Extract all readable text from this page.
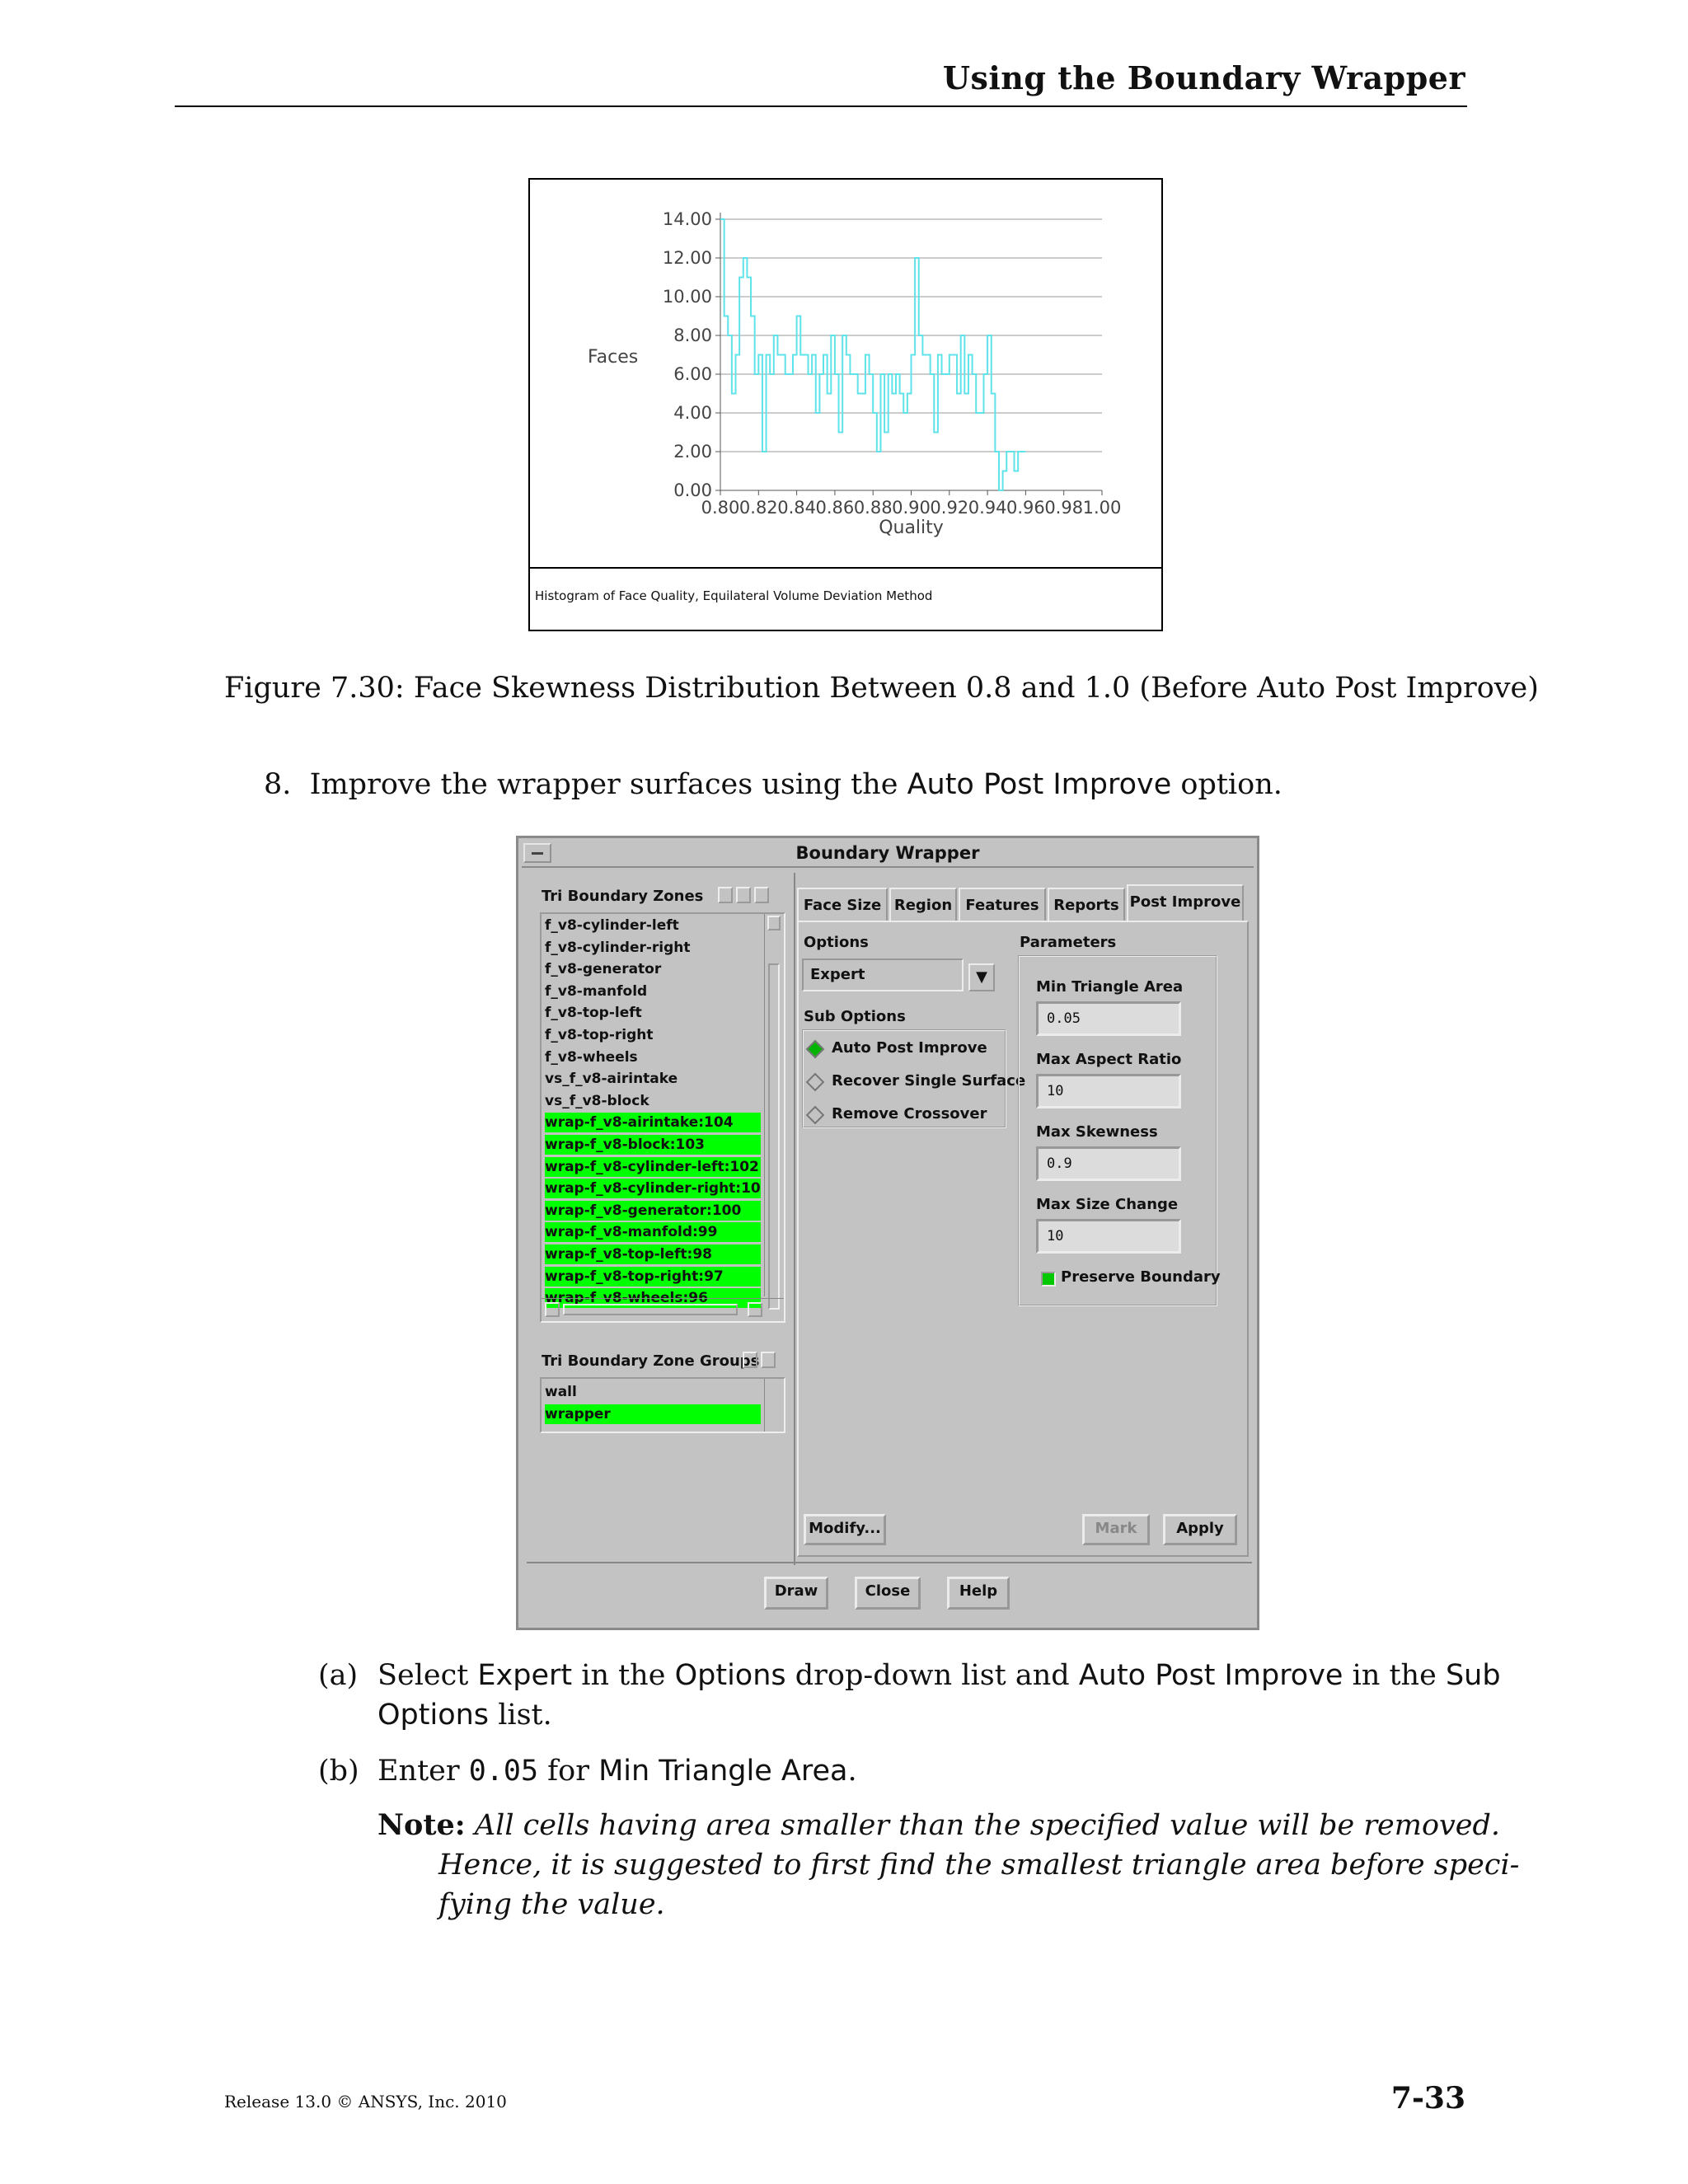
Using the Boundary Wrapper
0.00
2.00
4.00
6.00
8.00
10.00
12.00
14.00
0.80 0.82 0.84 0.86 0.88 0.90 0.92 0.94 0.96 0.98 1.00
Faces
Quality
Histogram of Face Quality, Equilateral Volume Deviation Method
Figure 7.30: Face Skewness Distribution Between 0.8 and 1.0 (Before Auto Post Improve)
8. Improve the wrapper surfaces using the Auto Post Improve option.
Boundary Wrapper
Tri Boundary Zones
f_v8-cylinder-left
f_v8-cylinder-right
f_v8-generator
f_v8-manfold
f_v8-top-left
f_v8-top-right
f_v8-wheels
vs_f_v8-airintake
vs_f_v8-block
wrap-f_v8-airintake:104
wrap-f_v8-block:103
wrap-f_v8-cylinder-left:102
wrap-f_v8-cylinder-right:10
wrap-f_v8-generator:100
wrap-f_v8-manfold:99
wrap-f_v8-top-left:98
wrap-f_v8-top-right:97
wrap-f_v8-wheels:96
Tri Boundary Zone Groups
wall
wrapper
Face Size Region Features Reports Post Improve
Options
Expert	▼
Sub Options
Auto Post Improve
Recover Single Surface
Remove Crossover
Parameters
Min Triangle Area
0.05
Max Aspect Ratio
10
Max Skewness
0.9
Max Size Change
10
Preserve Boundary
Modify...	Mark	Apply
Draw	Close	Help
(a) Select Expert in the Options drop-down list and Auto Post Improve in the Sub
Options list.
(b) Enter 0.05 for Min Triangle Area.
Note: All cells having area smaller than the specified value will be removed.
Hence, it is suggested to first find the smallest triangle area before speci-
fying the value.
Release 13.0 © ANSYS, Inc. 2010	7-33
